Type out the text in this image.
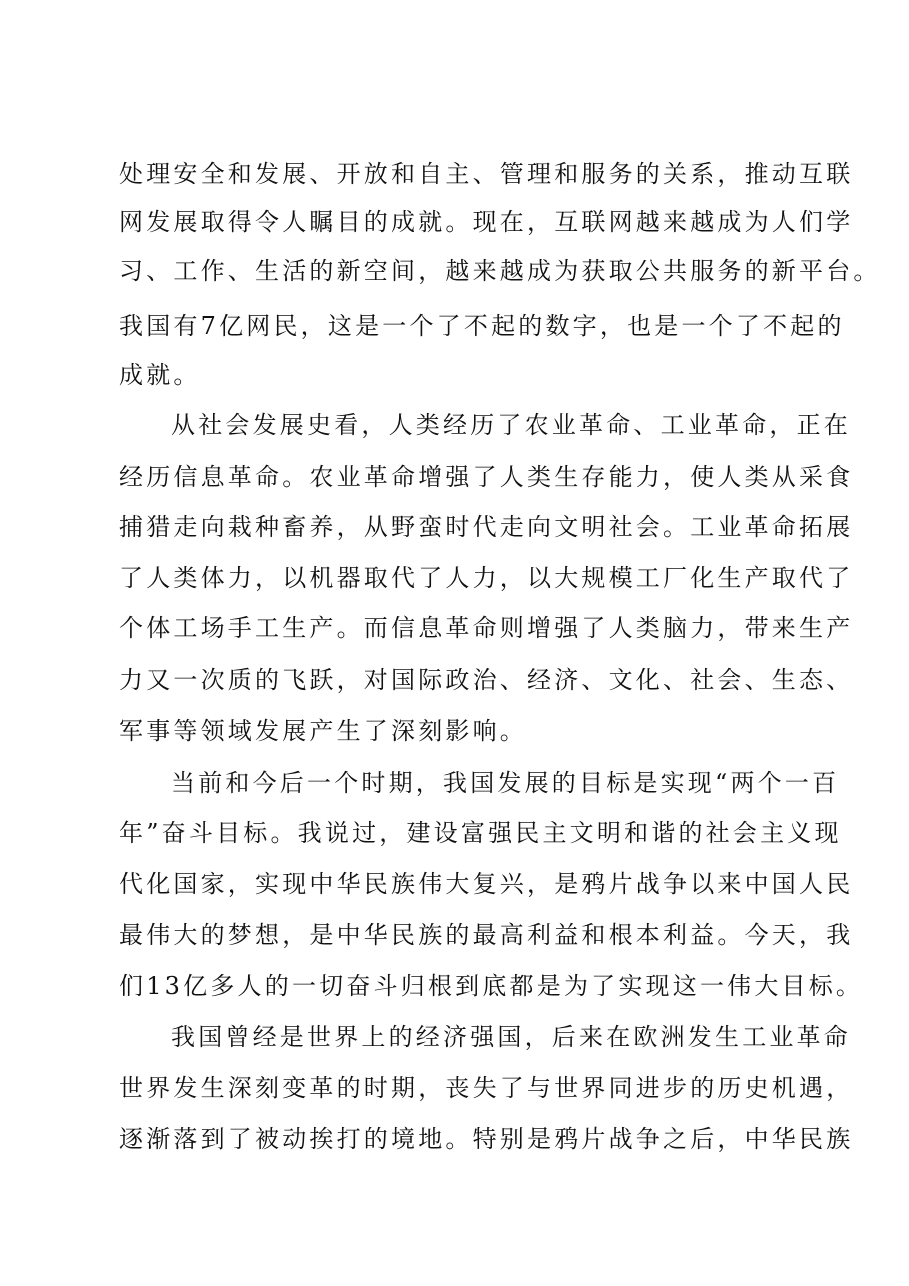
处理安全和发展、开放和自主、管理和服务的关系，推动互联
网发展取得令人瞩目的成就。现在，互联网越来越成为人们学
习、工作、生活的新空间，越来越成为获取公共服务的新平台。
我国有7亿网民，这是一个了不起的数字，也是一个了不起的
成就。
从社会发展史看，人类经历了农业革命、工业革命，正在
经历信息革命。农业革命增强了人类生存能力，使人类从采食
捕猎走向栽种畜养，从野蛮时代走向文明社会。工业革命拓展
了人类体力，以机器取代了人力，以大规模工厂化生产取代了
个体工场手工生产。而信息革命则增强了人类脑力，带来生产
力又一次质的飞跃，对国际政治、经济、文化、社会、生态、
军事等领域发展产生了深刻影响。
当前和今后一个时期，我国发展的目标是实现“两个一百
年”奋斗目标。我说过，建设富强民主文明和谐的社会主义现
代化国家，实现中华民族伟大复兴，是鸦片战争以来中国人民
最伟大的梦想，是中华民族的最高利益和根本利益。今天，我
们13亿多人的一切奋斗归根到底都是为了实现这一伟大目标。
我国曾经是世界上的经济强国，后来在欧洲发生工业革命
世界发生深刻变革的时期，丧失了与世界同进步的历史机遇，
逐渐落到了被动挨打的境地。特别是鸦片战争之后，中华民族
